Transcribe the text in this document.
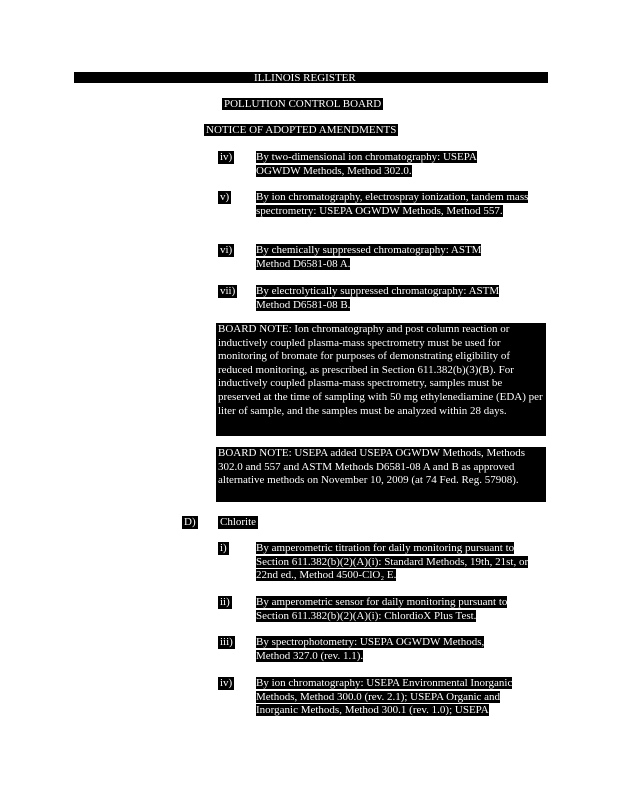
ILLINOIS REGISTER
POLLUTION CONTROL BOARD
NOTICE OF ADOPTED AMENDMENTS
iv) By two-dimensional ion chromatography: USEPA OGWDW Methods, Method 302.0.
v) By ion chromatography, electrospray ionization, tandem mass spectrometry: USEPA OGWDW Methods, Method 557.
vi) By chemically suppressed chromatography: ASTM Method D6581-08 A.
vii) By electrolytically suppressed chromatography: ASTM Method D6581-08 B.
BOARD NOTE: Ion chromatography and post column reaction or inductively coupled plasma-mass spectrometry must be used for monitoring of bromate for purposes of demonstrating eligibility of reduced monitoring, as prescribed in Section 611.382(b)(3)(B). For inductively coupled plasma-mass spectrometry, samples must be preserved at the time of sampling with 50 mg ethylenediamine (EDA) per liter of sample, and the samples must be analyzed within 28 days.
BOARD NOTE: USEPA added USEPA OGWDW Methods, Methods 302.0 and 557 and ASTM Methods D6581-08 A and B as approved alternative methods on November 10, 2009 (at 74 Fed. Reg. 57908).
D) Chlorite
i)	By amperometric titration for daily monitoring pursuant to Section 611.382(b)(2)(A)(i): Standard Methods, 19th, 21st, or 22nd ed., Method 4500-ClO₂ E.
ii) By amperometric sensor for daily monitoring pursuant to Section 611.382(b)(2)(A)(i): ChlordioX Plus Test.
iii) By spectrophotometry: USEPA OGWDW Methods, Method 327.0 (rev. 1.1).
iv) By ion chromatography: USEPA Environmental Inorganic Methods, Method 300.0 (rev. 2.1); USEPA Organic and Inorganic Methods, Method 300.1 (rev. 1.0); USEPA
